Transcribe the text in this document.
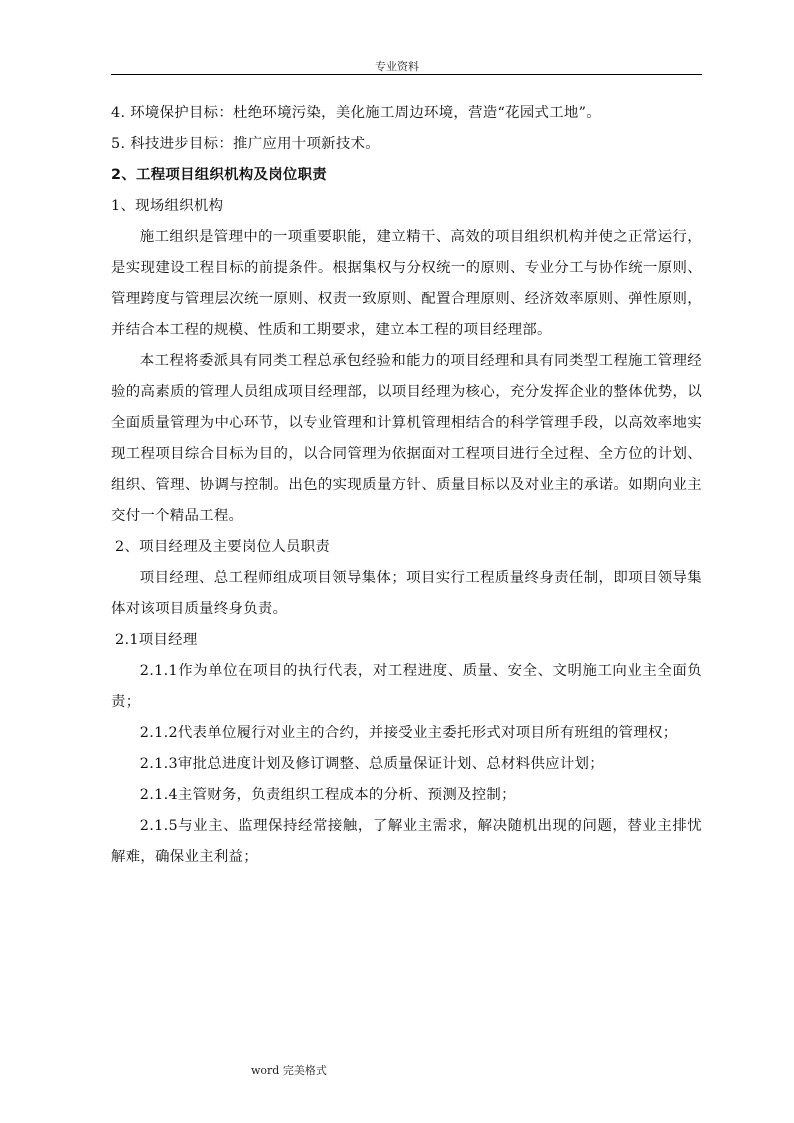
专业资料

4. 环境保护目标：杜绝环境污染，美化施工周边环境，营造“花园式工地”。

5. 科技进步目标：推广应用十项新技术。

2、工程项目组织机构及岗位职责

1、现场组织机构

施工组织是管理中的一项重要职能，建立精干、高效的项目组织机构并使之正常运行，是实现建设工程目标的前提条件。根据集权与分权统一的原则、专业分工与协作统一原则、管理跨度与管理层次统一原则、权责一致原则、配置合理原则、经济效率原则、弹性原则，并结合本工程的规模、性质和工期要求，建立本工程的项目经理部。

本工程将委派具有同类工程总承包经验和能力的项目经理和具有同类型工程施工管理经验的高素质的管理人员组成项目经理部，以项目经理为核心，充分发挥企业的整体优势，以全面质量管理为中心环节，以专业管理和计算机管理相结合的科学管理手段，以高效率地实现工程项目综合目标为目的，以合同管理为依据面对工程项目进行全过程、全方位的计划、组织、管理、协调与控制。出色的实现质量方针、质量目标以及对业主的承诺。如期向业主交付一个精品工程。

2、项目经理及主要岗位人员职责

项目经理、总工程师组成项目领导集体；项目实行工程质量终身责任制，即项目领导集体对该项目质量终身负责。

2.1项目经理

2.1.1作为单位在项目的执行代表，对工程进度、质量、安全、文明施工向业主全面负责；

2.1.2代表单位履行对业主的合约，并接受业主委托形式对项目所有班组的管理权；

2.1.3审批总进度计划及修订调整、总质量保证计划、总材料供应计划；

2.1.4主管财务，负责组织工程成本的分析、预测及控制；

2.1.5与业主、监理保持经常接触，了解业主需求，解决随机出现的问题，替业主排忧解难，确保业主利益；

word 完美格式
